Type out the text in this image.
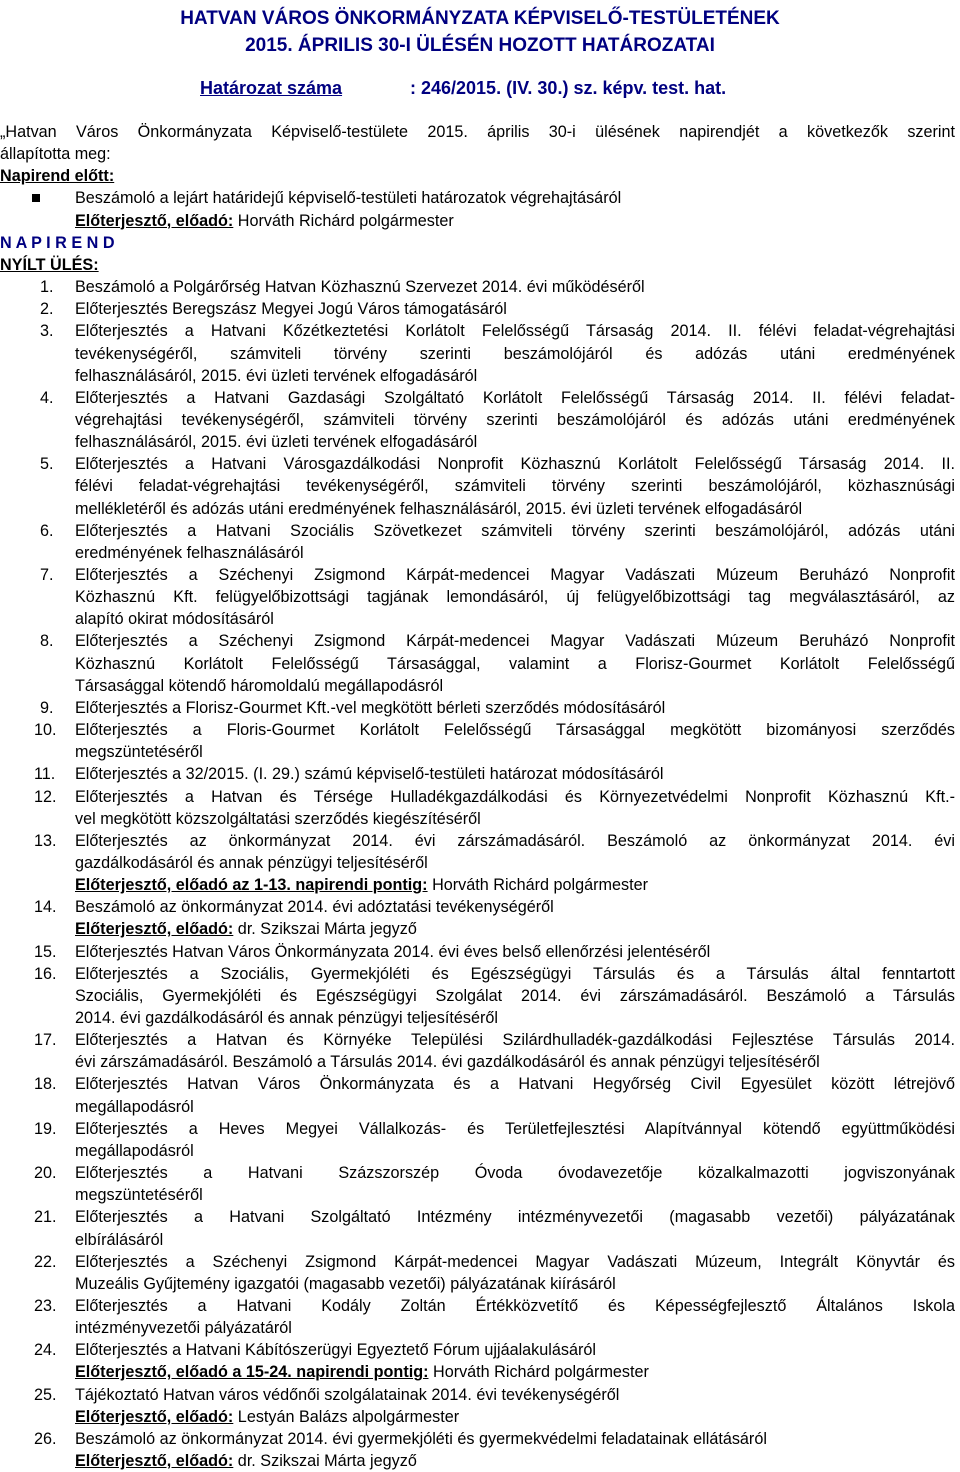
HATVAN VÁROS ÖNKORMÁNYZATA KÉPVISELŐ-TESTÜLETÉNEK
2015. ÁPRILIS 30-I ÜLÉSÉN HOZOTT HATÁROZATAI
Határozat száma	: 246/2015. (IV. 30.) sz. képv. test. hat.
„Hatvan Város Önkormányzata Képviselő-testülete 2015. április 30-i ülésének napirendjét a következők szerint
állapította meg:
Napirend előtt:
Beszámoló a lejárt határidejű képviselő-testületi határozatok végrehajtásáról
Előterjesztő, előadó: Horváth Richárd polgármester
N A P I R E N D
NYÍLT ÜLÉS:
1. Beszámoló a Polgárőrség Hatvan Közhasznú Szervezet 2014. évi működéséről
2. Előterjesztés Beregszász Megyei Jogú Város támogatásáról
3. Előterjesztés a Hatvani Kőzétkeztetési Korlátolt Felelősségű Társaság 2014. II. félévi feladat-végrehajtási
tevékenységéről, számviteli törvény szerinti beszámolójáról és adózás utáni eredményének
felhasználásáról, 2015. évi üzleti tervének elfogadásáról
4. Előterjesztés a Hatvani Gazdasági Szolgáltató Korlátolt Felelősségű Társaság 2014. II. félévi feladat-
végrehajtási tevékenységéről, számviteli törvény szerinti beszámolójáról és adózás utáni eredményének
felhasználásáról, 2015. évi üzleti tervének elfogadásáról
5. Előterjesztés a Hatvani Városgazdálkodási Nonprofit Közhasznú Korlátolt Felelősségű Társaság 2014. II.
félévi feladat-végrehajtási tevékenységéről, számviteli törvény szerinti beszámolójáról, közhasznúsági
mellékletéről és adózás utáni eredményének felhasználásáról, 2015. évi üzleti tervének elfogadásáról
6. Előterjesztés a Hatvani Szociális Szövetkezet számviteli törvény szerinti beszámolójáról, adózás utáni
eredményének felhasználásáról
7. Előterjesztés a Széchenyi Zsigmond Kárpát-medencei Magyar Vadászati Múzeum Beruházó Nonprofit
Közhasznú Kft. felügyelőbizottsági tagjának lemondásáról, új felügyelőbizottsági tag megválasztásáról, az
alapító okirat módosításáról
8. Előterjesztés a Széchenyi Zsigmond Kárpát-medencei Magyar Vadászati Múzeum Beruházó Nonprofit
Közhasznú Korlátolt Felelősségű Társasággal, valamint a Florisz-Gourmet Korlátolt Felelősségű
Társasággal kötendő háromoldalú megállapodásról
9. Előterjesztés a Florisz-Gourmet Kft.-vel megkötött bérleti szerződés módosításáról
10. Előterjesztés a Floris-Gourmet Korlátolt Felelősségű Társasággal megkötött bizományosi szerződés
megszüntetéséről
11. Előterjesztés a 32/2015. (I. 29.) számú képviselő-testületi határozat módosításáról
12. Előterjesztés a Hatvan és Térsége Hulladékgazdálkodási és Környezetvédelmi Nonprofit Közhasznú Kft.-
vel megkötött közszolgáltatási szerződés kiegészítéséről
13. Előterjesztés az önkormányzat 2014. évi zárszámadásáról. Beszámoló az önkormányzat 2014. évi
gazdálkodásáról és annak pénzügyi teljesítéséről
Előterjesztő, előadó az 1-13. napirendi pontig: Horváth Richárd polgármester
14. Beszámoló az önkormányzat 2014. évi adóztatási tevékenységéről
Előterjesztő, előadó: dr. Szikszai Márta jegyző
15. Előterjesztés Hatvan Város Önkormányzata 2014. évi éves belső ellenőrzési jelentéséről
16. Előterjesztés a Szociális, Gyermekjóléti és Egészségügyi Társulás és a Társulás által fenntartott
Szociális, Gyermekjóléti és Egészségügyi Szolgálat 2014. évi zárszámadásáról. Beszámoló a Társulás
2014. évi gazdálkodásáról és annak pénzügyi teljesítéséről
17. Előterjesztés a Hatvan és Környéke Települési Szilárdhulladék-gazdálkodási Fejlesztése Társulás 2014.
évi zárszámadásáról. Beszámoló a Társulás 2014. évi gazdálkodásáról és annak pénzügyi teljesítéséről
18. Előterjesztés Hatvan Város Önkormányzata és a Hatvani Hegyőrség Civil Egyesület között létrejövő
megállapodásról
19. Előterjesztés a Heves Megyei Vállalkozás- és Területfejlesztési Alapítvánnyal kötendő együttműködési
megállapodásról
20. Előterjesztés a Hatvani Százszorszép Óvoda óvodavezetője közalkalmazotti jogviszonyának
megszüntetéséről
21. Előterjesztés a Hatvani Szolgáltató Intézmény intézményvezetői (magasabb vezetői) pályázatának
elbírálásáról
22. Előterjesztés a Széchenyi Zsigmond Kárpát-medencei Magyar Vadászati Múzeum, Integrált Könyvtár és
Muzeális Gyűjtemény igazgatói (magasabb vezetői) pályázatának kiírásáról
23. Előterjesztés a Hatvani Kodály Zoltán Értékközvetítő és Képességfejlesztő Általános Iskola
intézményvezetői pályázatáról
24. Előterjesztés a Hatvani Kábítószerügyi Egyeztető Fórum ujjáalakulásáról
Előterjesztő, előadó a 15-24. napirendi pontig: Horváth Richárd polgármester
25. Tájékoztató Hatvan város védőnői szolgálatainak 2014. évi tevékenységéről
Előterjesztő, előadó: Lestyán Balázs alpolgármester
26. Beszámoló az önkormányzat 2014. évi gyermekjóléti és gyermekvédelmi feladatainak ellátásáról
Előterjesztő, előadó: dr. Szikszai Márta jegyző
